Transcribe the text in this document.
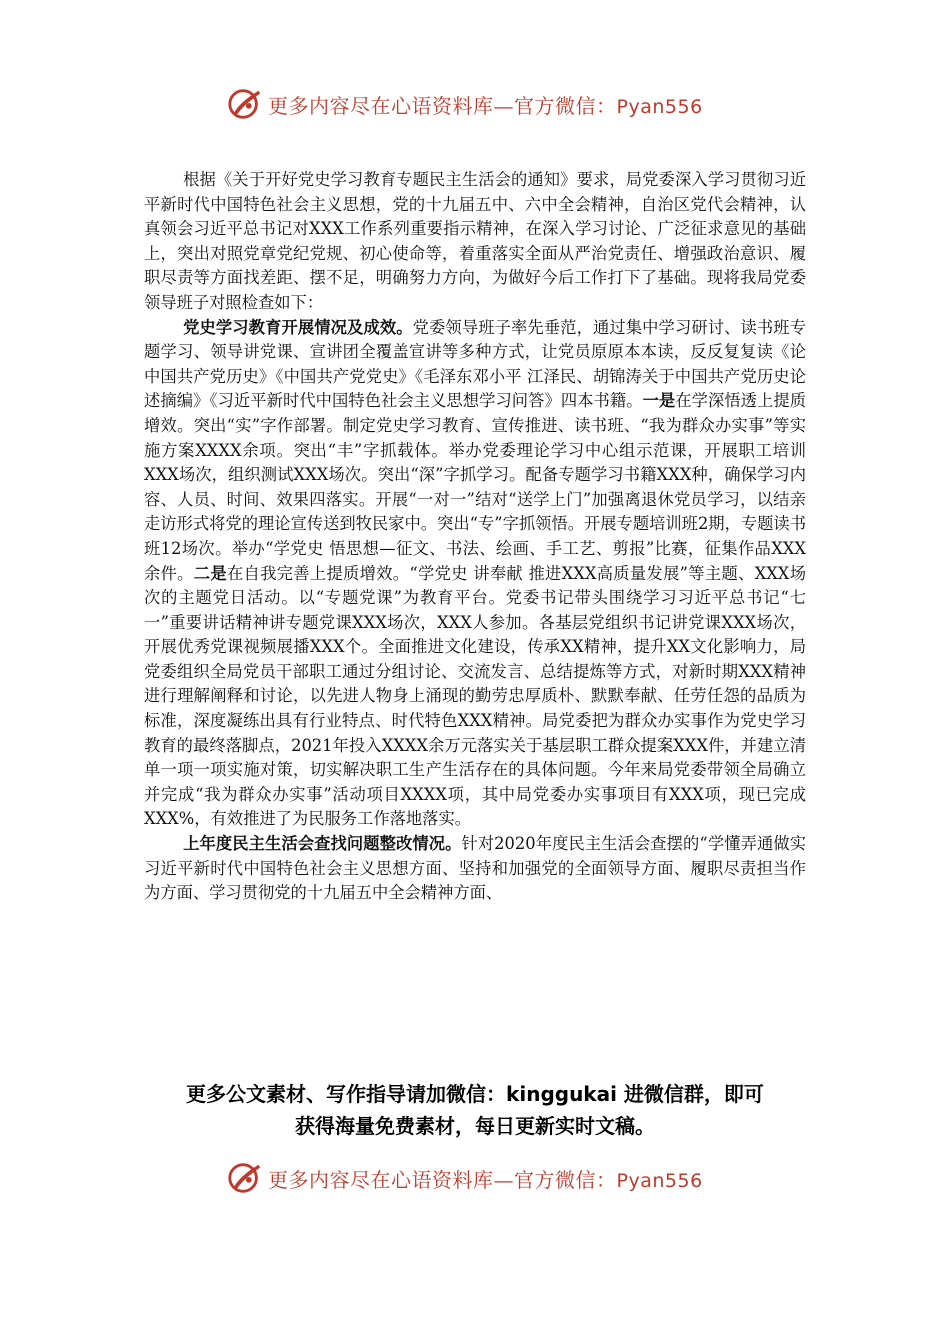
更多内容尽在心语资料库—官方微信：Pyan556

根据《关于开好党史学习教育专题民主生活会的通知》要求，局党委深入学习贯彻习近平新时代中国特色社会主义思想，党的十九届五中、六中全会精神，自治区党代会精神，认真领会习近平总书记对XXX工作系列重要指示精神，在深入学习讨论、广泛征求意见的基础上，突出对照党章党纪党规、初心使命等，着重落实全面从严治党责任、增强政治意识、履职尽责等方面找差距、摆不足，明确努力方向，为做好今后工作打下了基础。现将我局党委领导班子对照检查如下：

党史学习教育开展情况及成效。党委领导班子率先垂范，通过集中学习研讨、读书班专题学习、领导讲党课、宣讲团全覆盖宣讲等多种方式，让党员原原本本读，反反复复读《论中国共产党历史》《中国共产党党史》《毛泽东邓小平 江泽民、胡锦涛关于中国共产党历史论述摘编》《习近平新时代中国特色社会主义思想学习问答》四本书籍。一是在学深悟透上提质增效。突出“实”字作部署。制定党史学习教育、宣传推进、读书班、“我为群众办实事”等实施方案XXXX余项。突出“丰”字抓载体。举办党委理论学习中心组示范课，开展职工培训XXX场次，组织测试XXX场次。突出“深”字抓学习。配备专题学习书籍XXX种，确保学习内容、人员、时间、效果四落实。开展“一对一”结对“送学上门”加强离退休党员学习，以结亲走访形式将党的理论宣传送到牧民家中。突出“专”字抓领悟。开展专题培训班2期，专题读书班12场次。举办“学党史 悟思想—征文、书法、绘画、手工艺、剪报”比赛，征集作品XXX余件。二是在自我完善上提质增效。“学党史 讲奉献 推进XXX高质量发展”等主题、XXX场次的主题党日活动。以“专题党课”为教育平台。党委书记带头围绕学习习近平总书记“七一”重要讲话精神讲专题党课XXX场次，XXX人参加。各基层党组织书记讲党课XXX场次，开展优秀党课视频展播XXX个。全面推进文化建设，传承XX精神，提升XX文化影响力，局党委组织全局党员干部职工通过分组讨论、交流发言、总结提炼等方式，对新时期XXX精神进行理解阐释和讨论，以先进人物身上涌现的勤劳忠厚质朴、默默奉献、任劳任怨的品质为标准，深度凝练出具有行业特点、时代特色XXX精神。局党委把为群众办实事作为党史学习教育的最终落脚点，2021年投入XXXX余万元落实关于基层职工群众提案XXX件，并建立清单一项一项实施对策，切实解决职工生产生活存在的具体问题。今年来局党委带领全局确立并完成“我为群众办实事”活动项目XXXX项，其中局党委办实事项目有XXX项，现已完成XXX%，有效推进了为民服务工作落地落实。

上年度民主生活会查找问题整改情况。针对2020年度民主生活会查摆的“学懂弄通做实习近平新时代中国特色社会主义思想方面、坚持和加强党的全面领导方面、履职尽责担当作为方面、学习贯彻党的十九届五中全会精神方面、

更多公文素材、写作指导请加微信：kinggukai 进微信群，即可
获得海量免费素材，每日更新实时文稿。
更多内容尽在心语资料库—官方微信：Pyan556
